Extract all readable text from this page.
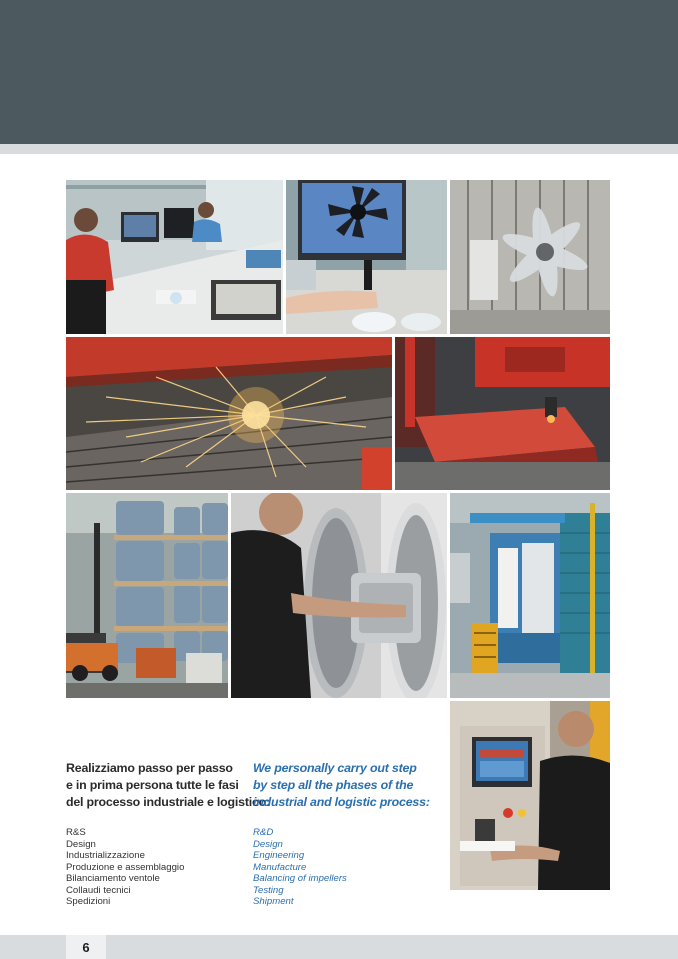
Realizziamo passo per passo
e in prima persona tutte le fasi
del processo industriale e logistico:
R&S
Design
Industrializzazione
Produzione e assemblaggio
Bilanciamento ventole
Collaudi tecnici
Spedizioni
We personally carry out step
by step all the phases of the
industrial and logistic process:
R&D
Design
Engineering
Manufacture
Balancing of impellers
Testing
Shipment
6
